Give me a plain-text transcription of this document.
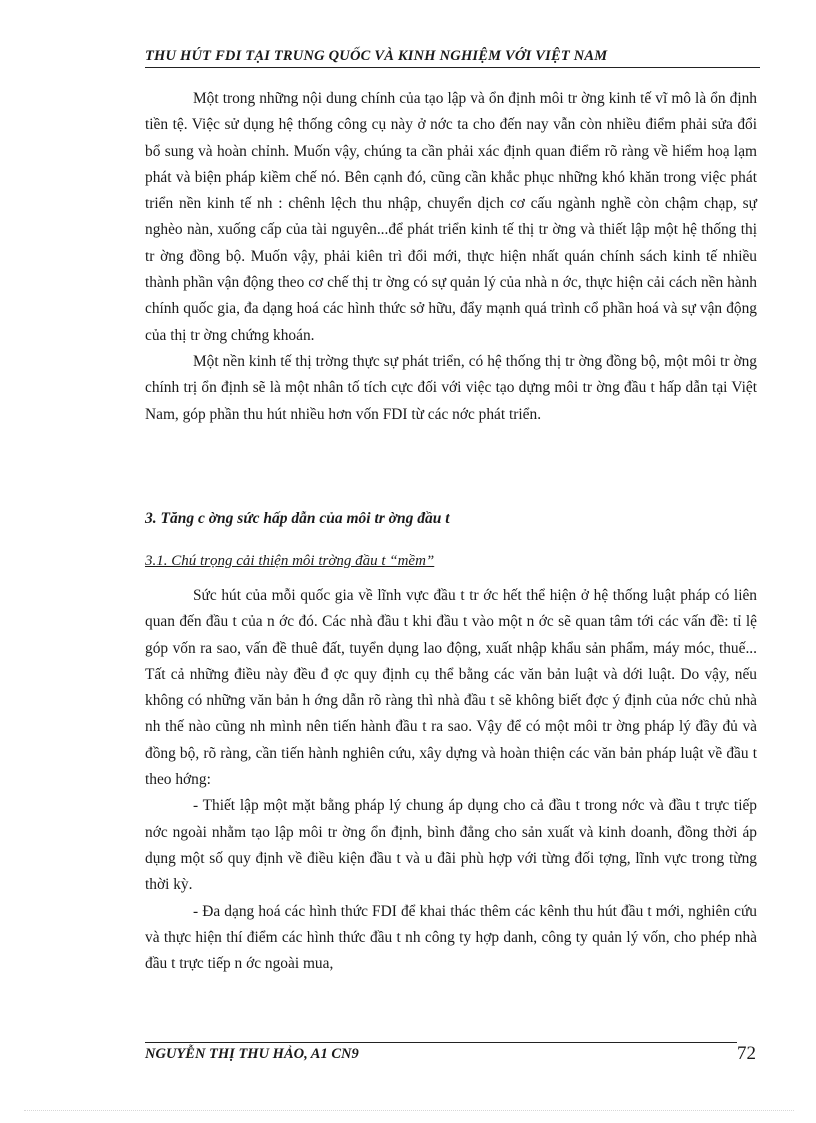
THU HÚT FDI TẠI TRUNG QUỐC VÀ KINH NGHIỆM VỚI VIỆT NAM

Một trong những nội dung chính của tạo lập và ổn định môi tr ờng kinh tế vĩ mô là ổn định tiền tệ. Việc sử dụng hệ thống công cụ này ở nớc ta cho đến nay vẫn còn nhiều điểm phải sửa đổi bổ sung và hoàn chỉnh. Muốn vậy, chúng ta cần phải xác định quan điểm rõ ràng về hiểm hoạ lạm phát và biện pháp kiềm chế nó. Bên cạnh đó, cũng cần khắc phục những khó khăn trong việc phát triển nền kinh tế nh : chênh lệch thu nhập, chuyển dịch cơ cấu ngành nghề còn chậm chạp, sự nghèo nàn, xuống cấp của tài nguyên...để phát triển kinh tế thị tr ờng và thiết lập một hệ thống thị tr ờng đồng bộ. Muốn vậy, phải kiên trì đổi mới, thực hiện nhất quán chính sách kinh tế nhiều thành phần vận động theo cơ chế thị tr ờng có sự quản lý của nhà n ớc, thực hiện cải cách nền hành chính quốc gia, đa dạng hoá các hình thức sở hữu, đẩy mạnh quá trình cổ phần hoá và sự vận động của thị tr ờng chứng khoán.

Một nền kinh tế thị trờng thực sự phát triển, có hệ thống thị tr ờng đồng bộ, một môi tr ờng chính trị ổn định sẽ là một nhân tố tích cực đối với việc tạo dựng môi tr ờng đầu t hấp dẫn tại Việt Nam, góp phần thu hút nhiều hơn vốn FDI từ các nớc phát triển.

3. Tăng c ờng sức hấp dẫn của môi tr ờng đầu t
3.1. Chú trọng cải thiện môi trờng đầu t “mềm”

Sức hút của mỗi quốc gia về lĩnh vực đầu t tr ớc hết thể hiện ở hệ thống luật pháp có liên quan đến đầu t của n ớc đó. Các nhà đầu t khi đầu t vào một n ớc sẽ quan tâm tới các vấn đề: tỉ lệ góp vốn ra sao, vấn đề thuê đất, tuyển dụng lao động, xuất nhập khẩu sản phẩm, máy móc, thuế... Tất cả những điều này đều đ ợc quy định cụ thể bằng các văn bản luật và dới luật. Do vậy, nếu không có những văn bản h ớng dẫn rõ ràng thì nhà đầu t sẽ không biết đợc ý định của nớc chủ nhà nh thế nào cũng nh mình nên tiến hành đầu t ra sao. Vậy để có một môi tr ờng pháp lý đầy đủ và đồng bộ, rõ ràng, cần tiến hành nghiên cứu, xây dựng và hoàn thiện các văn bản pháp luật về đầu t theo hớng:

- Thiết lập một mặt bằng pháp lý chung áp dụng cho cả đầu t trong nớc và đầu t trực tiếp nớc ngoài nhằm tạo lập môi tr ờng ổn định, bình đẳng cho sản xuất và kinh doanh, đồng thời áp dụng một số quy định về điều kiện đầu t và u đãi phù hợp với từng đối tợng, lĩnh vực trong từng thời kỳ.

- Đa dạng hoá các hình thức FDI để khai thác thêm các kênh thu hút đầu t mới, nghiên cứu và thực hiện thí điểm các hình thức đầu t nh công ty hợp danh, công ty quản lý vốn, cho phép nhà đầu t trực tiếp n ớc ngoài mua,

NGUYỄN THỊ THU HẢO, A1 CN9	72
